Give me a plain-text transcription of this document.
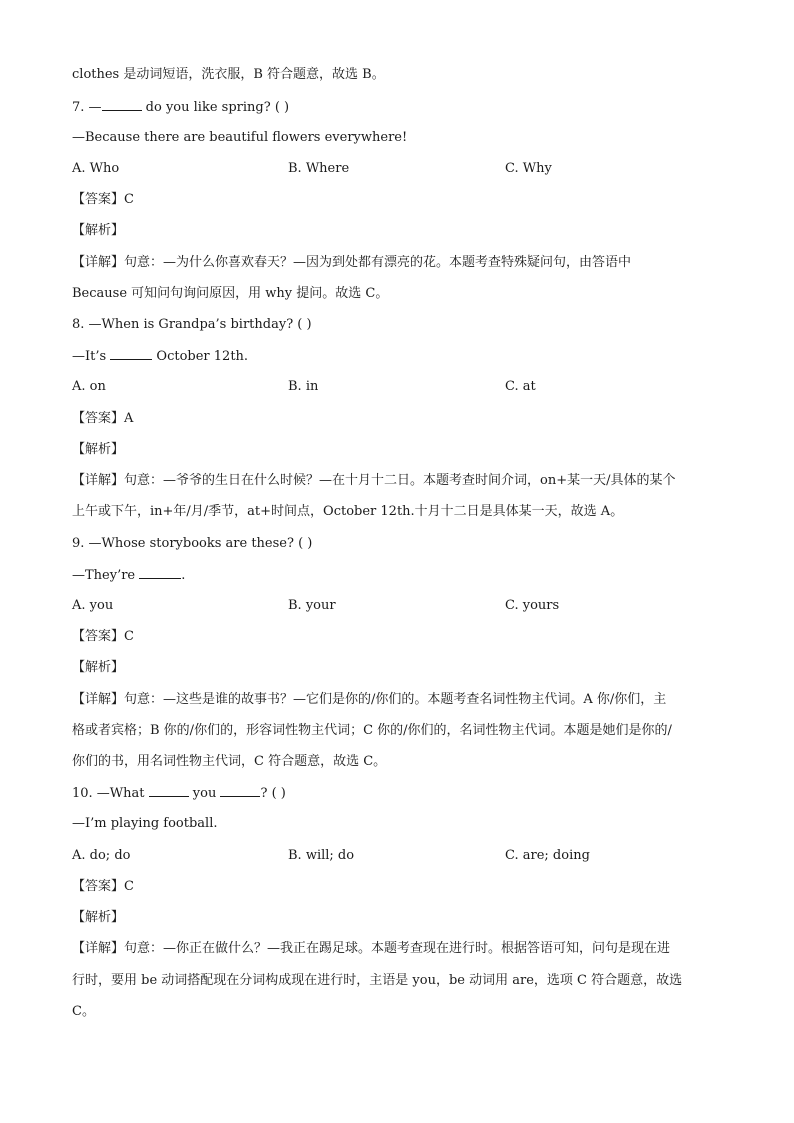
clothes 是动词短语，洗衣服，B 符合题意，故选 B。
7. —	do you like spring? ( )
—Because there are beautiful flowers everywhere!
A. Who	B. Where	C. Why
【答案】C
【解析】
【详解】句意：—为什么你喜欢春天？—因为到处都有漂亮的花。本题考查特殊疑问句，由答语中
Because 可知问句询问原因，用 why 提问。故选 C。
8. —When is Grandpa’s birthday? ( )
—It’s	October 12th.
A. on	B. in	C. at
【答案】A
【解析】
【详解】句意：—爷爷的生日在什么时候？—在十月十二日。本题考查时间介词，on+某一天/具体的某个
上午或下午，in+年/月/季节，at+时间点，October 12th.十月十二日是具体某一天，故选 A。
9. —Whose storybooks are these? ( )
—They’re	.
A. you	B. your	C. yours
【答案】C
【解析】
【详解】句意：—这些是谁的故事书？—它们是你的/你们的。本题考查名词性物主代词。A 你/你们，主
格或者宾格；B 你的/你们的，形容词性物主代词；C 你的/你们的，名词性物主代词。本题是她们是你的/
你们的书，用名词性物主代词，C 符合题意，故选 C。
10. —What	you	? ( )
—I’m playing football.
A. do; do	B. will; do	C. are; doing
【答案】C
【解析】
【详解】句意：—你正在做什么？—我正在踢足球。本题考查现在进行时。根据答语可知，问句是现在进
行时，要用 be 动词搭配现在分词构成现在进行时，主语是 you，be 动词用 are，选项 C 符合题意，故选
C。
